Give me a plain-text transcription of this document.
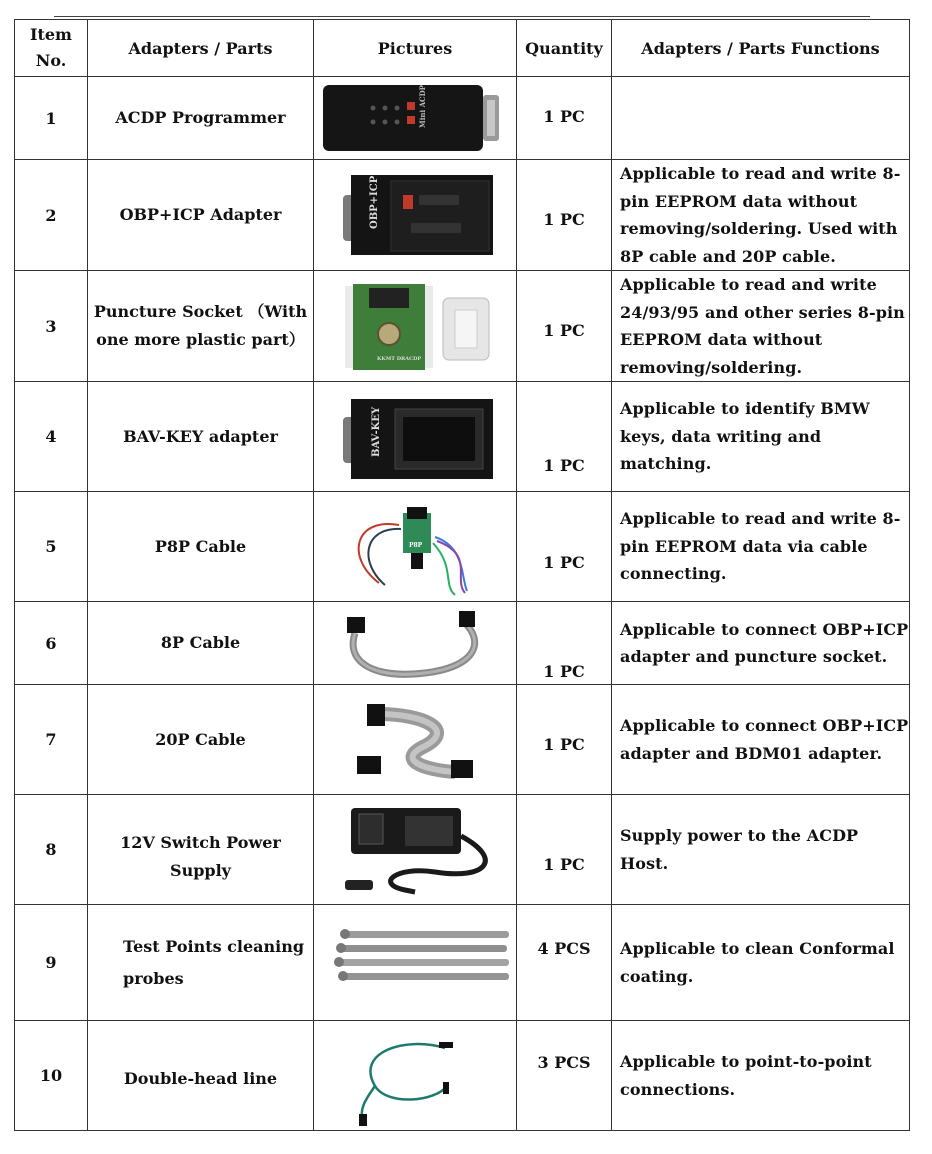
Item
No.	Adapters / Parts	Pictures	Quantity	Adapters / Parts Functions
1	ACDP Programmer	Mini ACDP	1 PC	

2	OBP+ICP Adapter	OBP+ICP	1 PC	Applicable to read and write 8-pin EEPROM data without removing/soldering. Used with 8P cable and 20P cable.
3	Puncture Socket （With one more plastic part）	KKMT DRACDP	1 PC	Applicable to read and write 24/93/95 and other series 8-pin EEPROM data without removing/soldering.
4	BAV-KEY adapter	BAV-KEY	1 PC	Applicable to identify BMW keys, data writing and matching.
5	P8P Cable	P8P	1 PC	Applicable to read and write 8-pin EEPROM data via cable connecting.
6	8P Cable		1 PC	Applicable to connect OBP+ICP adapter and puncture socket.
7	20P Cable		1 PC	Applicable to connect OBP+ICP adapter and BDM01 adapter.
8	12V Switch Power Supply		1 PC	Supply power to the ACDP Host.
9	Test Points cleaning probes		4 PCS	Applicable to clean Conformal coating.
10	Double-head line		3 PCS	Applicable to point-to-point connections.
